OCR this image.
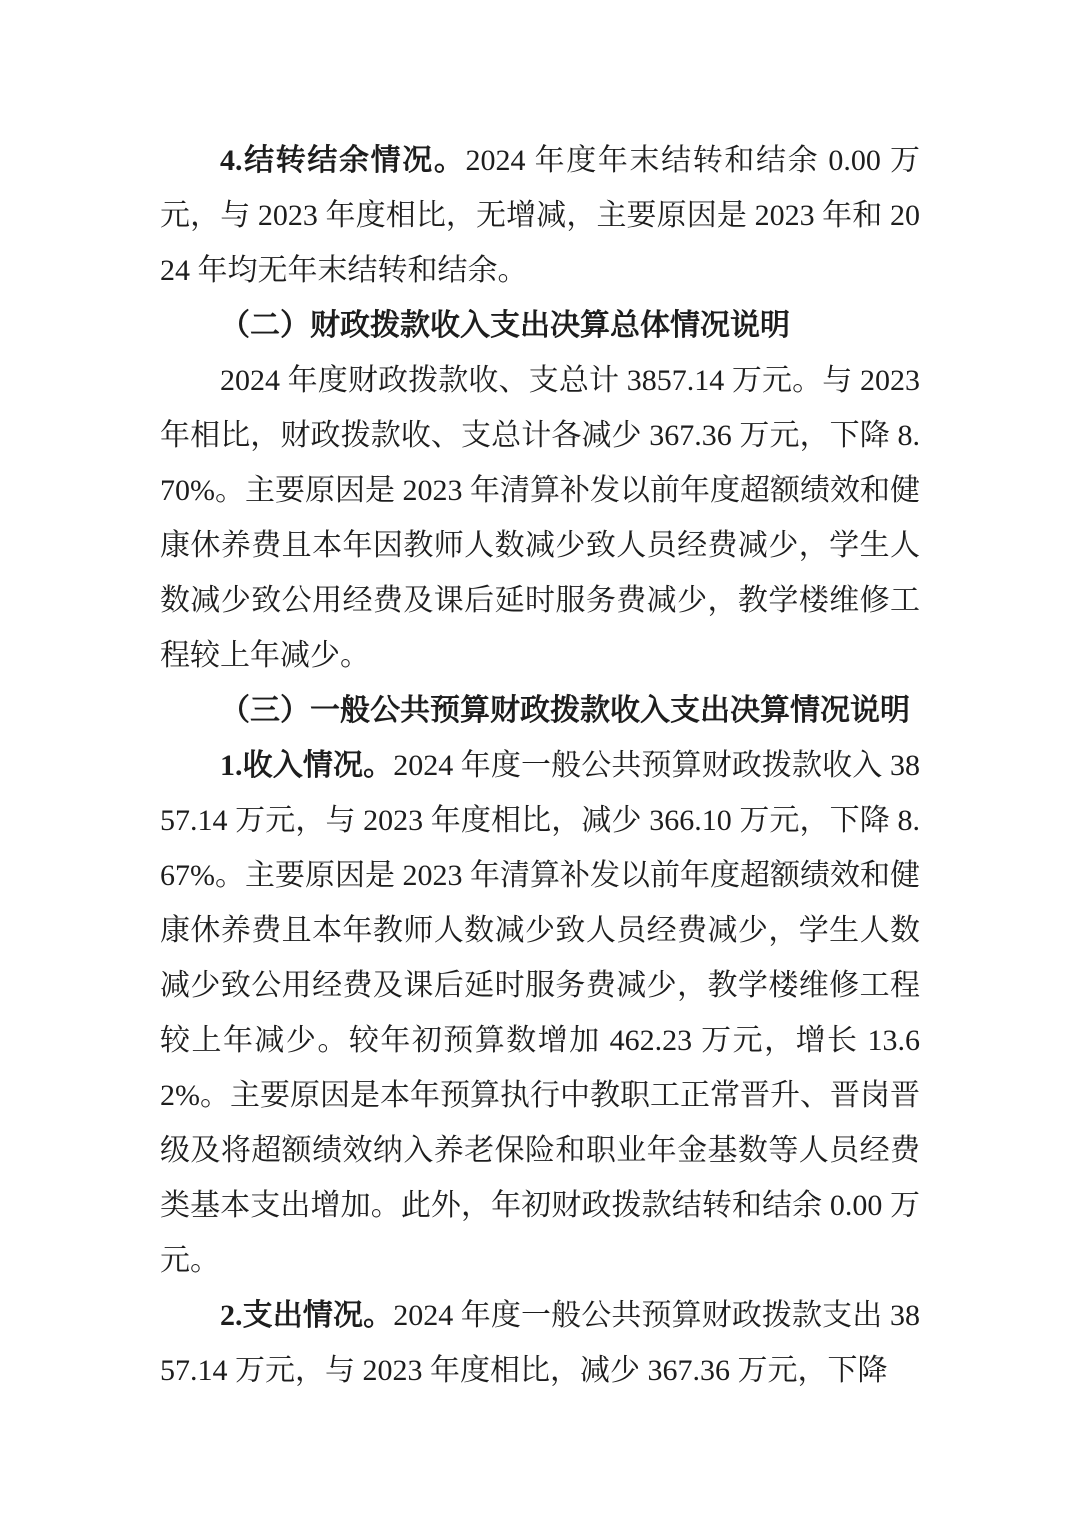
4.结转结余情况。2024 年度年末结转和结余 0.00 万元，与 2023 年度相比，无增减，主要原因是 2023 年和 2024 年均无年末结转和结余。

（二）财政拨款收入支出决算总体情况说明

2024 年度财政拨款收、支总计 3857.14 万元。与 2023 年相比，财政拨款收、支总计各减少 367.36 万元，下降 8.70%。主要原因是 2023 年清算补发以前年度超额绩效和健康休养费且本年因教师人数减少致人员经费减少，学生人数减少致公用经费及课后延时服务费减少，教学楼维修工程较上年减少。

（三）一般公共预算财政拨款收入支出决算情况说明

1.收入情况。2024 年度一般公共预算财政拨款收入 3857.14 万元，与 2023 年度相比，减少 366.10 万元，下降 8.67%。主要原因是 2023 年清算补发以前年度超额绩效和健康休养费且本年教师人数减少致人员经费减少，学生人数减少致公用经费及课后延时服务费减少，教学楼维修工程较上年减少。较年初预算数增加 462.23 万元，增长 13.62%。主要原因是本年预算执行中教职工正常晋升、晋岗晋级及将超额绩效纳入养老保险和职业年金基数等人员经费类基本支出增加。此外，年初财政拨款结转和结余 0.00 万元。

2.支出情况。2024 年度一般公共预算财政拨款支出 3857.14 万元，与 2023 年度相比，减少 367.36 万元，下降
